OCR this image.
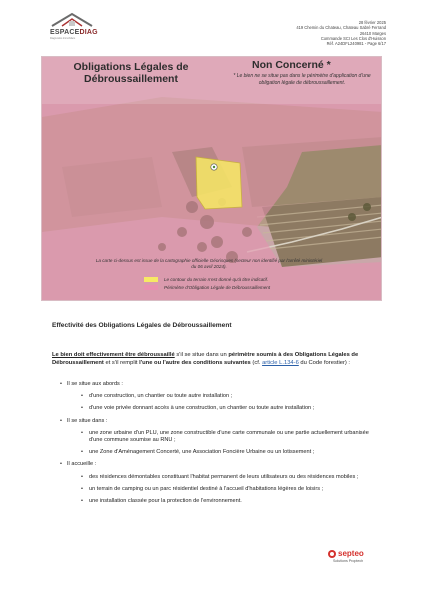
ESPACEDIAG
Diagnostics Immobiliers
28 février 2025
419 Chemin du Chateau, Chateau Sabré Ferrand
26410 Marges
Commande SCI Les Clos d'Huisson
Réf. A24DFL240981 - Page 6/17
Obligations Légales de Débroussaillement
Non Concerné *
* Le bien ne se situe pas dans le périmètre d'application d'une obligation légale de débroussaillement.
La carte ci-dessus est issue de la cartographie officielle Géorisques (secteur non identifié par l'arrêté ministériel du 06 avril 2024).
Le contour du terrain n'est donné qu'à titre indicatif.
Périmètre d'Obligation Légale de Débroussaillement
Effectivité des Obligations Légales de Débroussaillement
Le bien doit effectivement être débroussaillé s'il se situe dans un périmètre soumis à des Obligations Légales de Débroussaillement et s'il remplit l'une ou l'autre des conditions suivantes (cf. article L.134-6 du Code forestier) :
• Il se situe aux abords :
• d'une construction, un chantier ou toute autre installation ;
• d'une voie privée donnant accès à une construction, un chantier ou toute autre installation ;
• Il se situe dans :
• une zone urbaine d'un PLU, une zone constructible d'une carte communale ou une partie actuellement urbanisée d'une commune soumise au RNU ;
• une Zone d'Aménagement Concerté, une Association Foncière Urbaine ou un lotissement ;
• Il accueille :
• des résidences démontables constituant l'habitat permanent de leurs utilisateurs ou des résidences mobiles ;
• un terrain de camping ou un parc résidentiel destiné à l'accueil d'habitations légères de loisirs ;
• une installation classée pour la protection de l'environnement.
septeo
Solutions Proptech
